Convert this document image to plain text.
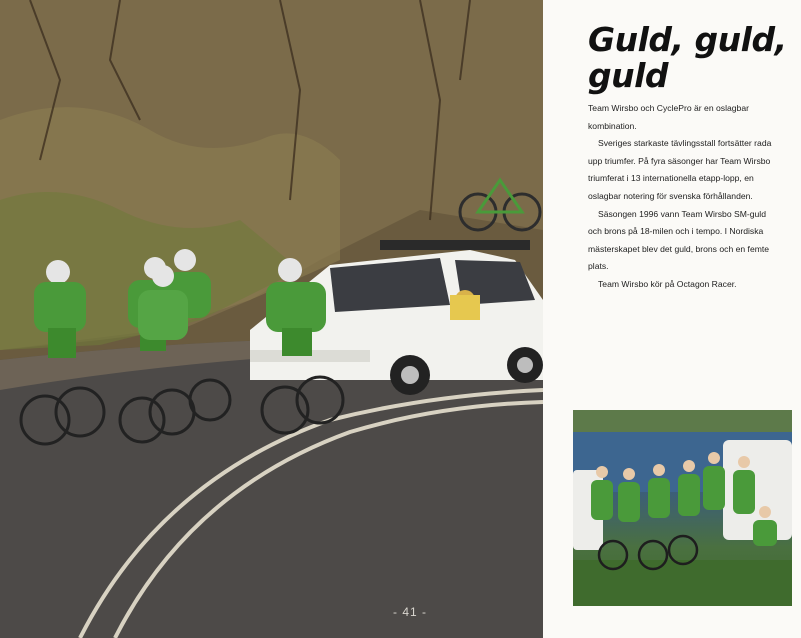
- 41 -
Guld, guld, guld

Team Wirsbo och CyclePro är en oslagbar kombination.

Sveriges starkaste tävlingsstall fortsätter rada upp triumfer. På fyra säsonger har Team Wirsbo triumferat i 13 internationella etapp-lopp, en oslagbar notering för svenska förhållanden.

Säsongen 1996 vann Team Wirsbo SM-guld och brons på 18-milen och i tempo. I Nordiska mästerskapet blev det guld, brons och en femte plats.

Team Wirsbo kör på Octagon Racer.
